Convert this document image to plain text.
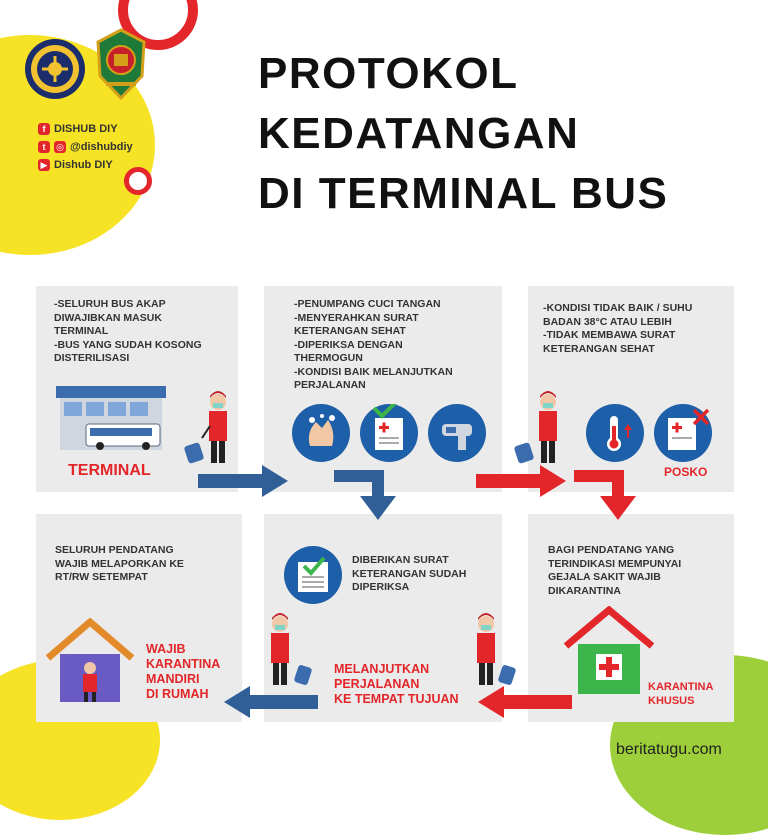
f DISHUB DIY
t	◎ @dishubdiy
▶ Dishub DIY
PROTOKOL
KEDATANGAN
DI TERMINAL BUS
-SELURUH BUS AKAP
DIWAJIBKAN MASUK
TERMINAL
-BUS YANG SUDAH KOSONG
DISTERILISASI
-PENUMPANG CUCI TANGAN
-MENYERAHKAN SURAT
KETERANGAN SEHAT
-DIPERIKSA DENGAN
THERMOGUN
-KONDISI BAIK MELANJUTKAN
PERJALANAN
-KONDISI TIDAK BAIK / SUHU
BADAN 38°C ATAU LEBIH
-TIDAK MEMBAWA SURAT
KETERANGAN SEHAT
SELURUH PENDATANG
WAJIB MELAPORKAN KE
RT/RW SETEMPAT
DIBERIKAN SURAT
KETERANGAN SUDAH
DIPERIKSA
BAGI PENDATANG YANG
TERINDIKASI MEMPUNYAI
GEJALA SAKIT WAJIB
DIKARANTINA
TERMINAL	POSKO
KARANTINA
KHUSUS
MELANJUTKAN
PERJALANAN
KE TEMPAT TUJUAN
WAJIB
KARANTINA
MANDIRI
DI RUMAH
beritatugu.com
